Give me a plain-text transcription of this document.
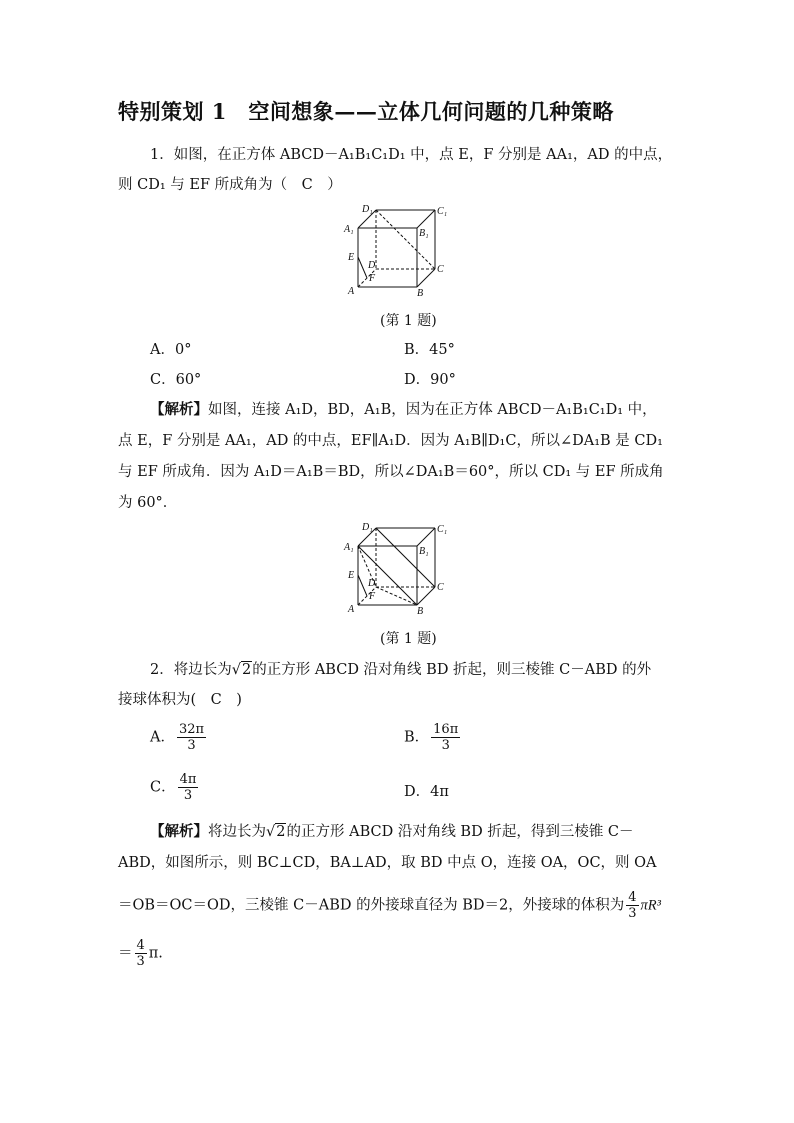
特别策划 1　空间想象——立体几何问题的几种策略
1．如图，在正方体 ABCD－A₁B₁C₁D₁ 中，点 E，F 分别是 AA₁，AD 的中点，
则 CD₁ 与 EF 所成角为（　C　）
D₁	C₁
A₁	B₁
E
D
F
C
A	B
(第 1 题)
A．0°	B．45°
C．60°	D．90°
【解析】如图，连接 A₁D，BD，A₁B，因为在正方体 ABCD－A₁B₁C₁D₁ 中，
点 E，F 分别是 AA₁，AD 的中点，EF∥A₁D．因为 A₁B∥D₁C，所以∠DA₁B 是 CD₁
与 EF 所成角．因为 A₁D＝A₁B＝BD，所以∠DA₁B＝60°，所以 CD₁ 与 EF 所成角
为 60°．
D₁	C₁
A₁	B₁
E
D
F
C
A	B
(第 1 题)
2．将边长为√2的正方形 ABCD 沿对角线 BD 折起，则三棱锥 C－ABD 的外
接球体积为(　C　)
A． $\frac{32\pi}{3}$	B． $\frac{16\pi}{3}$
C． $\frac{4\pi}{3}$	D．4π
【解析】将边长为√2的正方形 ABCD 沿对角线 BD 折起，得到三棱锥 C－
ABD，如图所示，则 BC⊥CD，BA⊥AD，取 BD 中点 O，连接 OA，OC，则 OA
＝OB＝OC＝OD，三棱锥 C－ABD 的外接球直径为 BD＝2，外接球的体积为 $\frac{4}{3} \pi R^3$
＝ $\frac{4}{3} \pi$.
